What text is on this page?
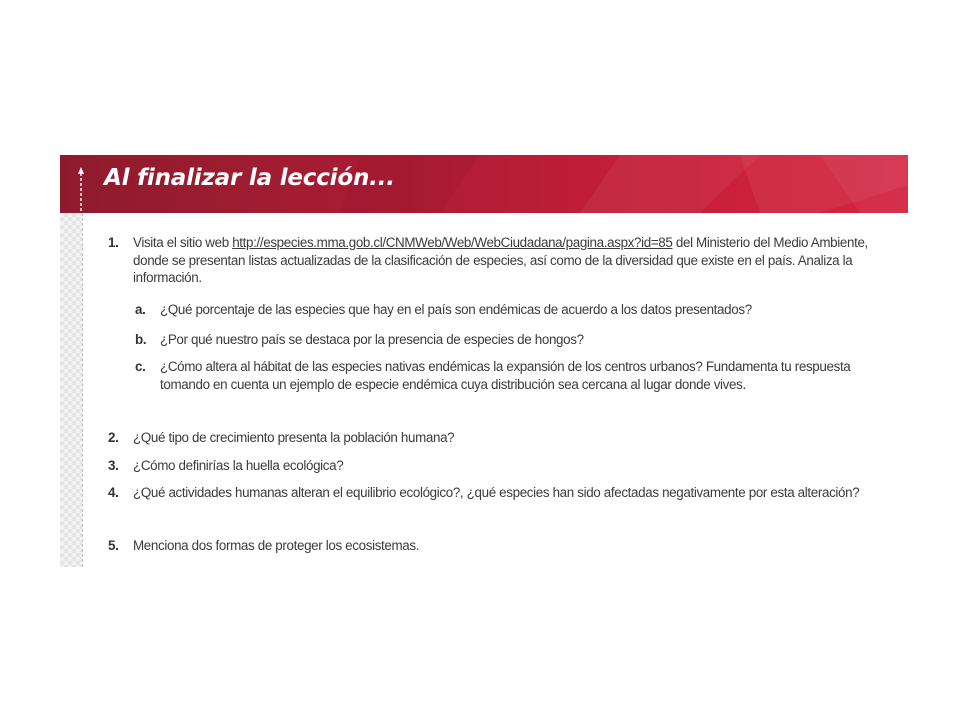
Al finalizar la lección...
1. Visita el sitio web http://especies.mma.gob.cl/CNMWeb/Web/WebCiudadana/pagina.aspx?id=85 del Ministerio del Medio Ambiente, donde se presentan listas actualizadas de la clasificación de especies, así como de la diversidad que existe en el país. Analiza la información.
a. ¿Qué porcentaje de las especies que hay en el país son endémicas de acuerdo a los datos presentados?
b. ¿Por qué nuestro país se destaca por la presencia de especies de hongos?
c. ¿Cómo altera al hábitat de las especies nativas endémicas la expansión de los centros urbanos? Fundamenta tu respuesta tomando en cuenta un ejemplo de especie endémica cuya distribución sea cercana al lugar donde vives.
2. ¿Qué tipo de crecimiento presenta la población humana?
3. ¿Cómo definirías la huella ecológica?
4. ¿Qué actividades humanas alteran el equilibrio ecológico?, ¿qué especies han sido afectadas negativamente por esta alteración?
5. Menciona dos formas de proteger los ecosistemas.
